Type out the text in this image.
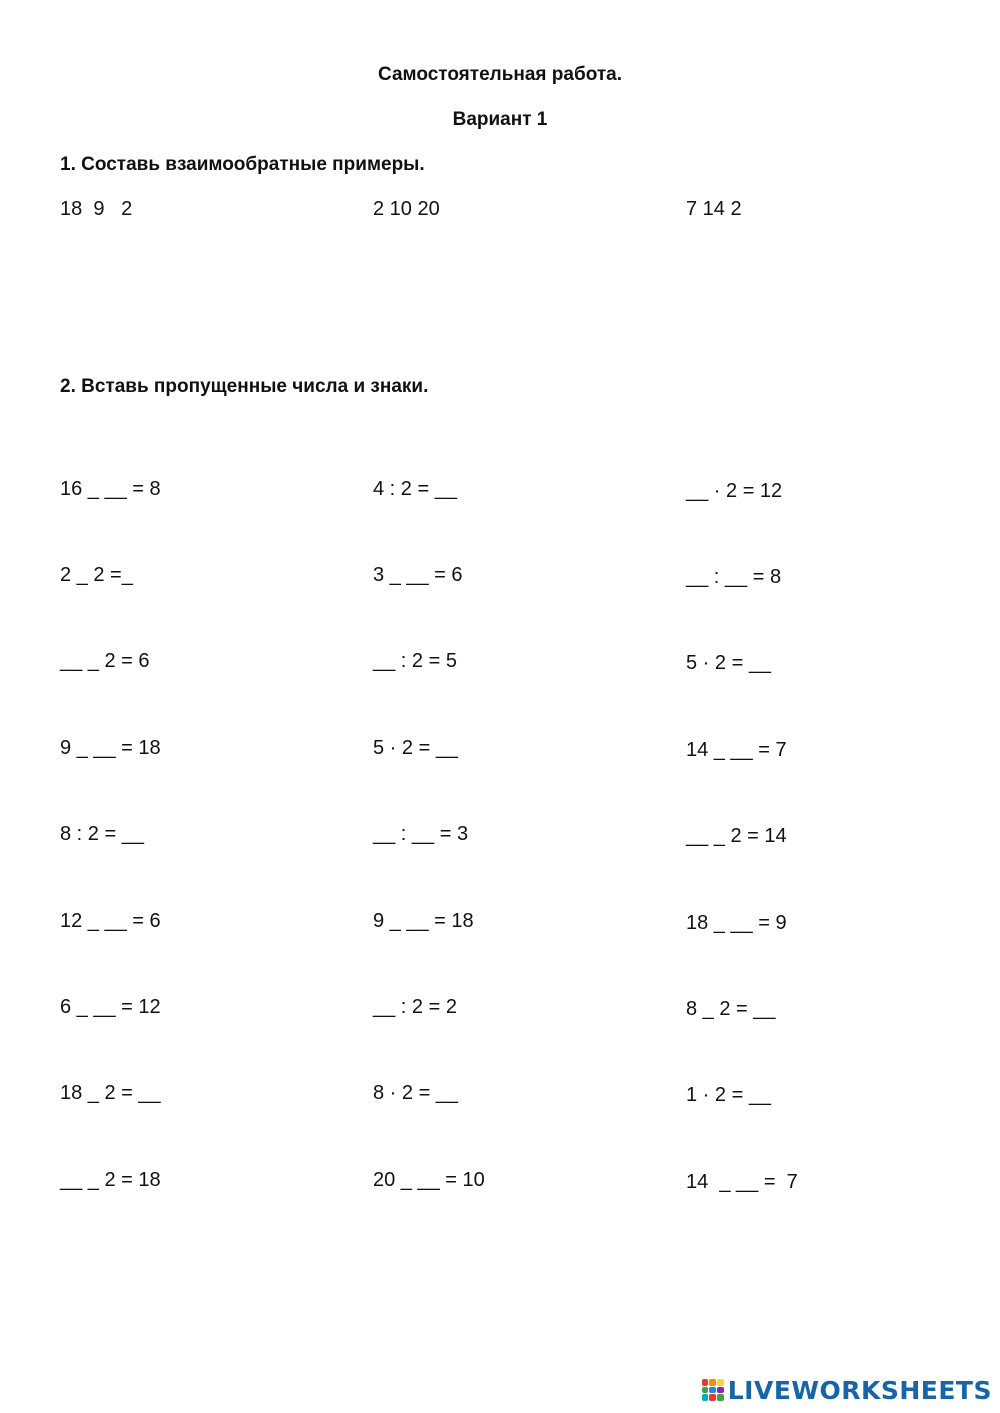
Самостоятельная работа.
Вариант 1
1. Составь взаимообратные примеры.
18  9   2	2 10 20	7 14 2
2. Вставь пропущенные числа и знаки.

16 _ __ = 8

2 _ 2 =_

__ _ 2 = 6

9 _ __ = 18

8 : 2 = __

12 _ __ = 6

6 _ __ = 12

18 _ 2 = __

__ _ 2 = 18

4 : 2 = __

3 _ __ = 6

__ : 2 = 5

5 · 2 = __

__ : __ = 3

9 _ __ = 18

__ : 2 = 2

8 · 2 = __

20 _ __ = 10

__ · 2 = 12

__ : __ = 8

5 · 2 = __

14 _ __ = 7

__ _ 2 = 14

18 _ __ = 9

8 _ 2 = __

1 · 2 = __

14  _ __ =  7

LIVEWORKSHEETS
